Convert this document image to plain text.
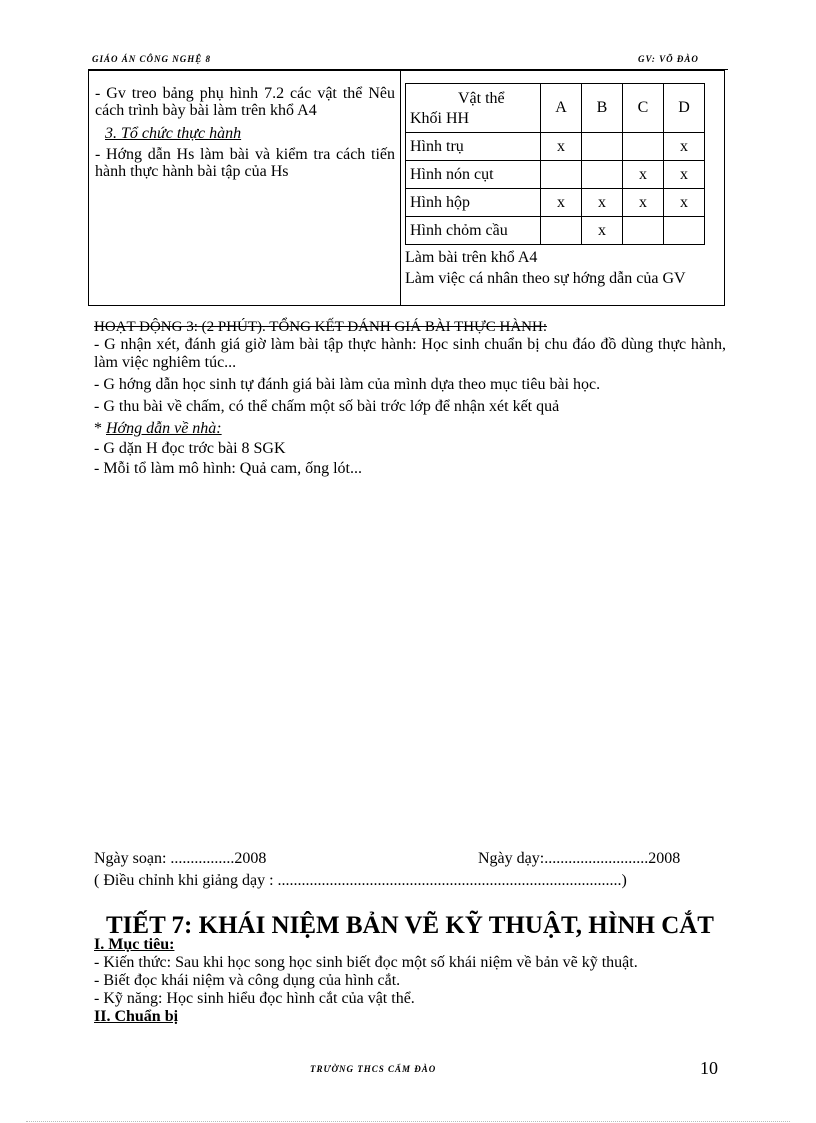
GIÁO ÁN CÔNG NGHỆ 8	GV: VÕ ĐÀO

- Gv treo bảng phụ hình 7.2 các vật thể Nêu cách trình bày bài làm trên khổ A4

3. Tổ chức thực hành

- Hớng dẫn Hs làm bài và kiểm tra cách tiến hành thực hành bài tập của Hs

Vật thể
Khối HH	A	B	C	D
Hình trụ	x			x
Hình nón cụt			x	x
Hình hộp	x	x	x	x
Hình chỏm cầu		x		

Làm bài trên khổ A4

Làm việc cá nhân theo sự hớng dẫn của GV

HOẠT ĐỘNG 3: (2 PHÚT). TỔNG KẾT ĐÁNH GIÁ BÀI THỰC HÀNH:

- G nhận xét, đánh giá giờ làm bài tập thực hành: Học sinh chuẩn bị chu đáo đồ dùng thực hành, làm việc nghiêm túc...

- G hớng dẫn học sinh tự đánh giá bài làm của mình dựa theo mục tiêu bài học.

- G thu bài về chấm, có thể chấm một số bài trớc lớp để nhận xét kết quả

* Hớng dẫn về nhà:

- G dặn H đọc trớc bài 8 SGK

- Mỗi tổ làm mô hình: Quả cam, ống lót...

Ngày soạn: ................2008	Ngày dạy:..........................2008
( Điều chỉnh khi giảng dạy : ......................................................................................)
TIẾT 7: KHÁI NIỆM BẢN VẼ KỸ THUẬT, HÌNH CẮT

I. Mục tiêu:

- Kiến thức: Sau khi học song học sinh biết đọc một số khái niệm về bản vẽ kỹ thuật.

- Biết đọc khái niệm và công dụng của hình cắt.

- Kỹ năng: Học sinh hiểu đọc hình cắt của vật thể.

II. Chuẩn bị

TRƯỜNG THCS CẨM ĐÀO	10
